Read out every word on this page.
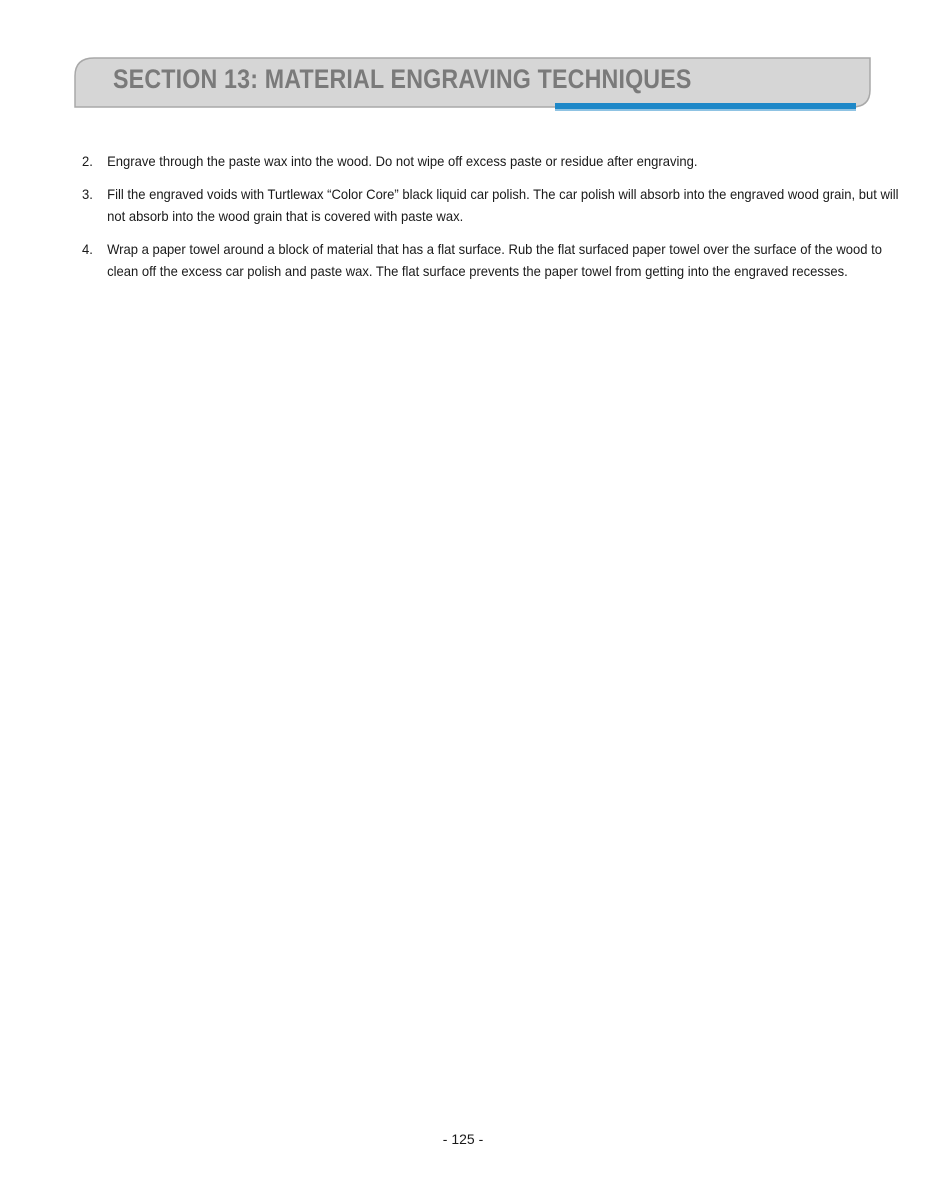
SECTION 13: MATERIAL ENGRAVING TECHNIQUES
2. Engrave through the paste wax into the wood. Do not wipe off excess paste or residue after engraving.
3. Fill the engraved voids with Turtlewax “Color Core” black liquid car polish. The car polish will absorb into the engraved wood grain, but will not absorb into the wood grain that is covered with paste wax.
4. Wrap a paper towel around a block of material that has a flat surface. Rub the flat surfaced paper towel over the surface of the wood to clean off the excess car polish and paste wax. The flat surface prevents the paper towel from getting into the engraved recesses.
- 125 -
